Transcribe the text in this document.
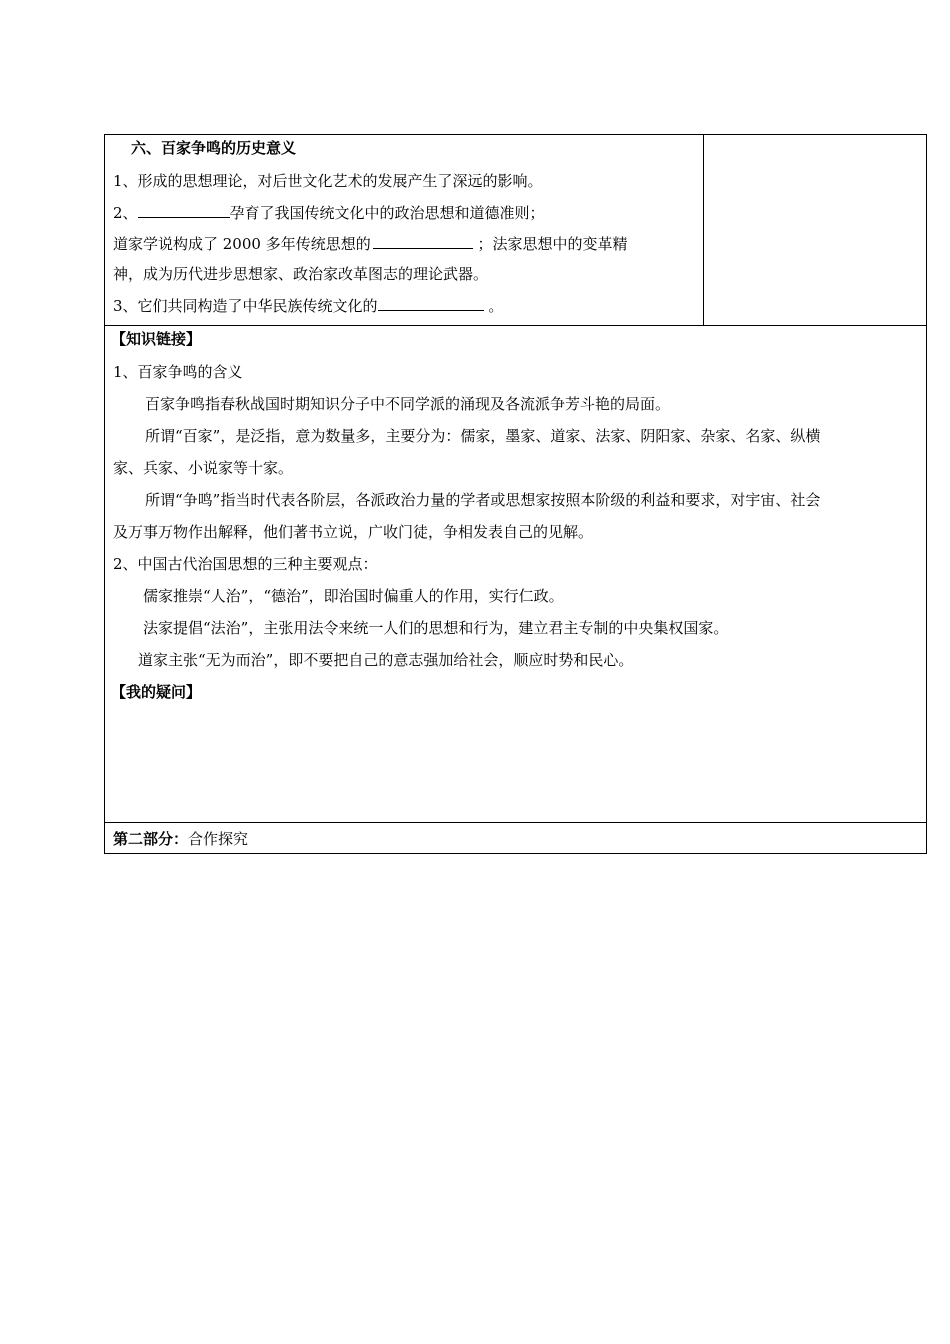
六、百家争鸣的历史意义
1、形成的思想理论，对后世文化艺术的发展产生了深远的影响。
2、	孕育了我国传统文化中的政治思想和道德准则；
道家学说构成了 2000 多年传统思想的	；法家思想中的变革精
神，成为历代进步思想家、政治家改革图志的理论武器。
3、它们共同构造了中华民族传统文化的	。

【知识链接】
1、百家争鸣的含义
百家争鸣指春秋战国时期知识分子中不同学派的涌现及各流派争芳斗艳的局面。
所谓“百家”，是泛指，意为数量多，主要分为：儒家，墨家、道家、法家、阴阳家、杂家、名家、纵横
家、兵家、小说家等十家。
所谓“争鸣”指当时代表各阶层，各派政治力量的学者或思想家按照本阶级的利益和要求，对宇宙、社会
及万事万物作出解释，他们著书立说，广收门徒，争相发表自己的见解。
2、中国古代治国思想的三种主要观点：
儒家推崇“人治”，“德治”，即治国时偏重人的作用，实行仁政。
法家提倡“法治”，主张用法令来统一人们的思想和行为，建立君主专制的中央集权国家。
道家主张“无为而治”，即不要把自己的意志强加给社会，顺应时势和民心。
【我的疑问】

第二部分：合作探究
